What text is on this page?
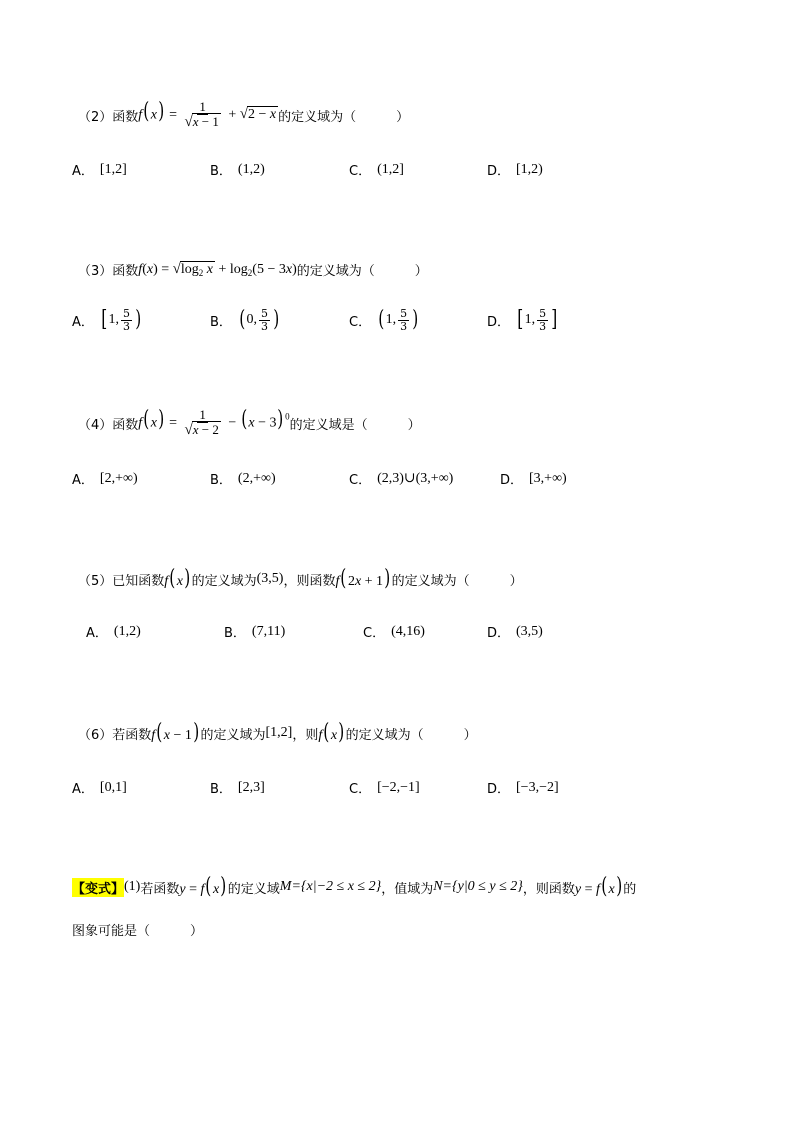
（2） 函数 $f(x) = \frac{1}{√x - 1} + √2 - x$ 的定义域为（	）
A． [1,2]	B． (1,2)	C． (1,2]	D． [1,2)
（3） 函数 $f(x) = √\log_2$ $x + \log_2(5 - 3x)$ 的定义域为（	）
A． [ 1, $\frac{5}{3}$ )	B． ( 0, $\frac{5}{3}$ )	C． ( 1, $\frac{5}{3}$ )	D． [ 1, $\frac{5}{3}$ ]
（4） 函数 $f(x) = \frac{1}{√x - 2} - (x - 3)^0$
的定义域是（	）
A． [2,+∞)	B． (2,+∞)	C． (2,3)∪(3,+∞)	D． [3,+∞)
（5） 已知函数 f(x) 的定义域为 (3,5) ，则函数 f(2x + 1) 的定义域为（	）
A． (1,2)	B． (7,11)	C． (4,16)	D． (3,5)
（6） 若函数 f(x − 1) 的定义域为 [1,2] ，则 f(x) 的定义域为（	）
A． [0,1]	B． [2,3]	C． [−2,−1]	D． [−3,−2]
【变式】 (1) 若函数 y = f(x) 的定义域 M={x|−2 ≤ x ≤ 2} ，值域为 N={y|0 ≤ y ≤ 2} ，则函数 y = f(x) 的
图象可能是（	）
